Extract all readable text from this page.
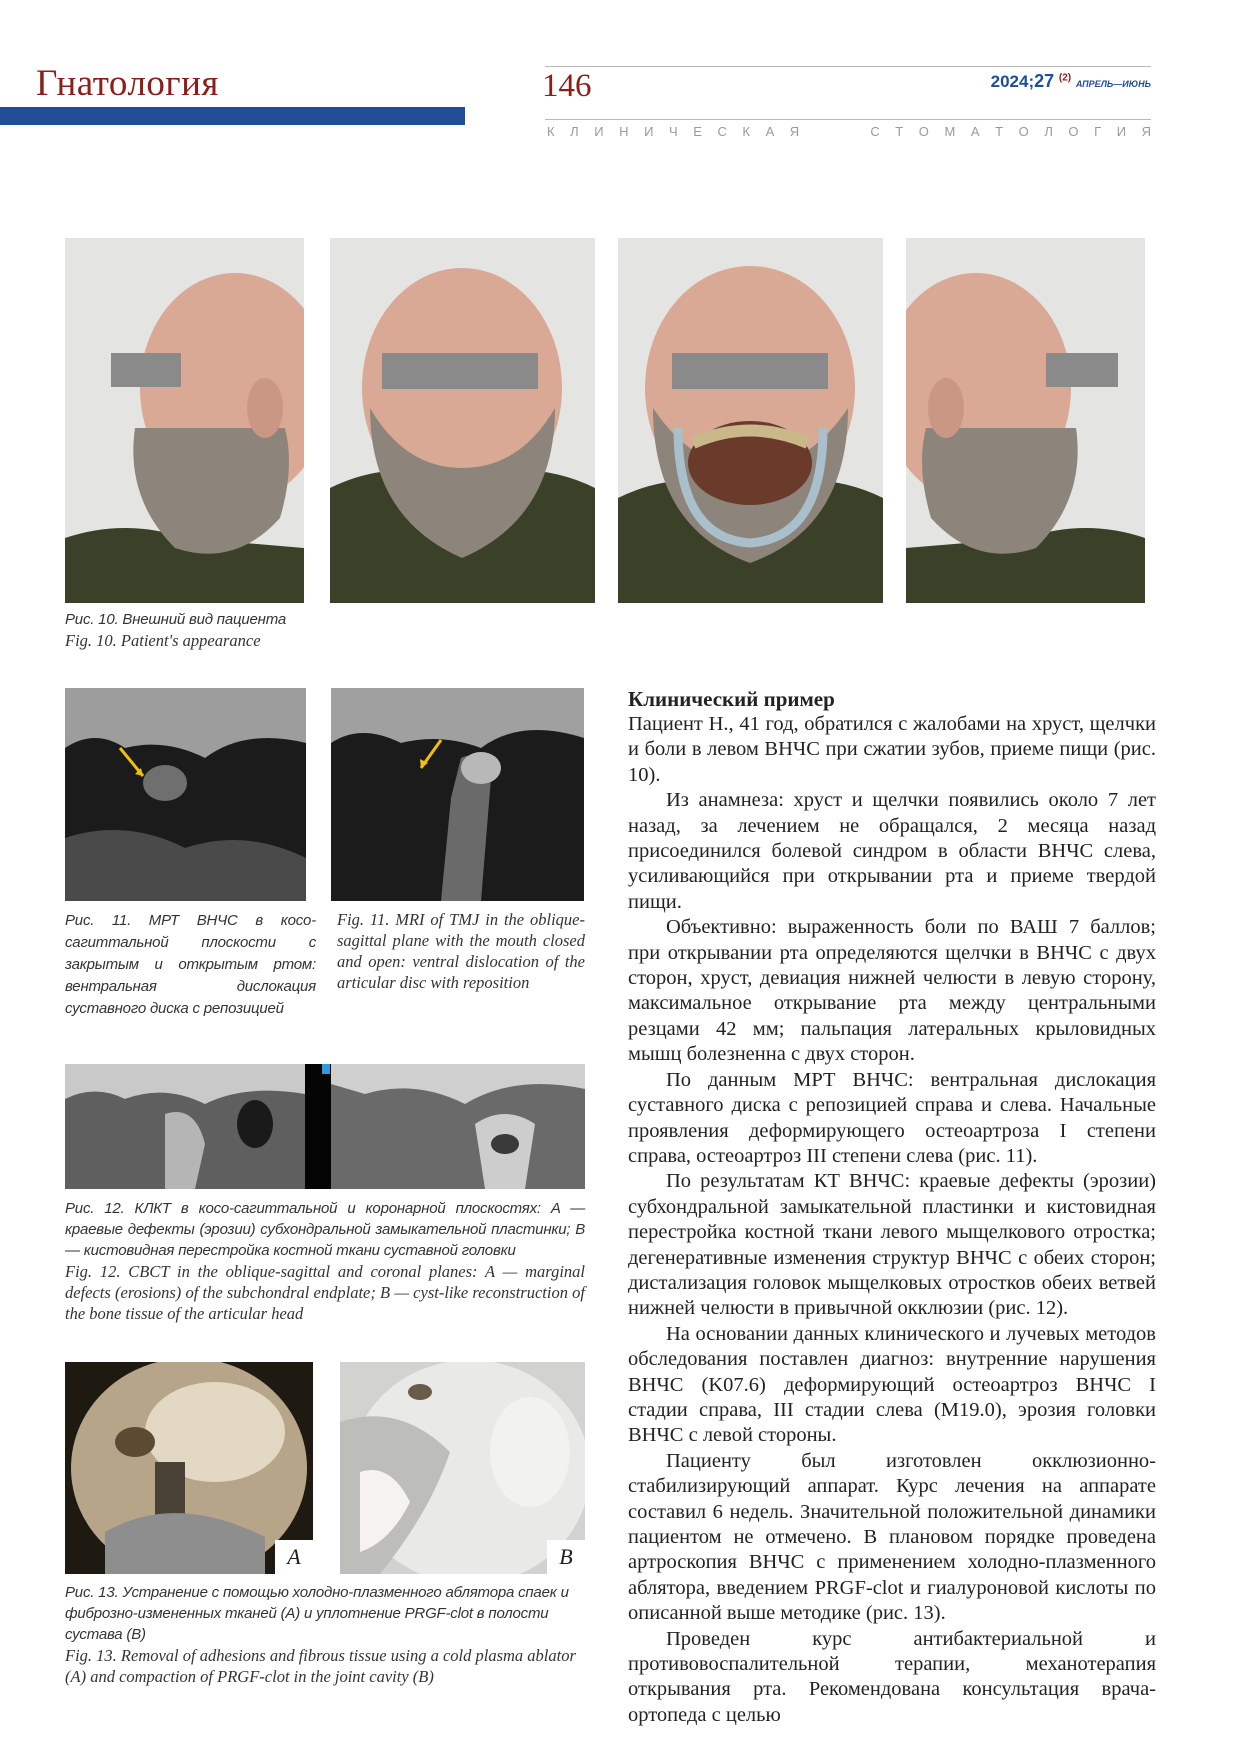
Гнатология	146	2024;27 $^{(2)}$ АПРЕЛЬ—ИЮНЬ
К Л И Н И Ч Е С К А Я	С Т О М А Т О Л О Г И Я
Рис. 10. Внешний вид пациента
Fig. 10. Patient's appearance
Рис. 11. МРТ ВНЧС в косо-сагиттальной плоскости с закрытым и открытым ртом: вентральная дислокация суставного диска с репозицией
Fig. 11. MRI of TMJ in the oblique-sagittal plane with the mouth closed and open: ventral dislocation of the articular disc with reposition
Рис. 12. КЛКТ в косо-сагиттальной и коронарной плоскостях: A — краевые дефекты (эрозии) субхондральной замыкательной пластинки; B — кистовидная перестройка костной ткани суставной головки
Fig. 12. CBCT in the oblique-sagittal and coronal planes: A — marginal defects (erosions) of the subchondral endplate; B — cyst-like reconstruction of the bone tissue of the articular head
A	B
Рис. 13. Устранение с помощью холодно-плазменного аблятора спаек и фиброзно-измененных тканей (A) и уплотнение PRGF-clot в полости сустава (B)
Fig. 13. Removal of adhesions and fibrous tissue using a cold plasma ablator (A) and compaction of PRGF-clot in the joint cavity (B)
Клинический пример

Пациент Н., 41 год, обратился с жалобами на хруст, щелчки и боли в левом ВНЧС при сжатии зубов, приеме пищи (рис. 10).

Из анамнеза: хруст и щелчки появились около 7 лет назад, за лечением не обращался, 2 месяца назад присоединился болевой синдром в области ВНЧС слева, усиливающийся при открывании рта и приеме твердой пищи.

Объективно: выраженность боли по ВАШ 7 баллов; при открывании рта определяются щелчки в ВНЧС с двух сторон, хруст, девиация нижней челюсти в левую сторону, максимальное открывание рта между центральными резцами 42 мм; пальпация латеральных крыловидных мышц болезненна с двух сторон.

По данным МРТ ВНЧС: вентральная дислокация суставного диска с репозицией справа и слева. Начальные проявления деформирующего остеоартроза I степени справа, остеоартроз III степени слева (рис. 11).

По результатам КТ ВНЧС: краевые дефекты (эрозии) субхондральной замыкательной пластинки и кистовидная перестройка костной ткани левого мыщелкового отростка; дегенеративные изменения структур ВНЧС с обеих сторон; дистализация головок мыщелковых отростков обеих ветвей нижней челюсти в привычной окклюзии (рис. 12).

На основании данных клинического и лучевых методов обследования поставлен диагноз: внутренние нарушения ВНЧС (K07.6) деформирующий остеоартроз ВНЧС I стадии справа, III стадии слева (M19.0), эрозия головки ВНЧС с левой стороны.

Пациенту был изготовлен окклюзионно-стабилизирующий аппарат. Курс лечения на аппарате составил 6 недель. Значительной положительной динамики пациентом не отмечено. В плановом порядке проведена артроскопия ВНЧС с применением холодно-плазменного аблятора, введением PRGF-clot и гиалуроновой кислоты по описанной выше методике (рис. 13).

Проведен курс антибактериальной и противовоспалительной терапии, механотерапия открывания рта. Рекомендована консультация врача-ортопеда с целью
